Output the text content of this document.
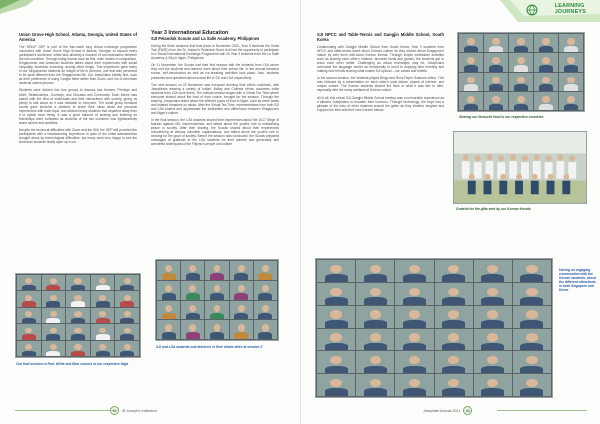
Union Grove High School, Atlanta, Georgia, United States of America

The SEeLP GEP is part of the four-week long virtual exchange programme conducted with Union Grove High School in Atlanta, Georgia, to expand every participant's worldview, whilst also allowing a channel of communication between the two countries. Through using forums such as this, main modes of comparison, Singaporean and American students talked about their experiences with social inequality, American schooling, among other things. This experience gave many of our Singaporean students an insight of life in America, one that was perceived to be quite different from the Singaporean life. Our Josephians initially find, such as their preference of using Google Meet rather than Zoom, and not of American students owned phones.

Students were divided into four groups to discuss four themes: Privilege and Merit, Relationships, Journeys, and Outcasts and Conformity. Each theme was paired with the idea of individuals and their interactions with society, giving us plenty to talk about as it was relatable to everyone. The small group breakout rooms gave students a platform to share their ideas about the personal experiences with each topic, and allowed many students that departed away from it to speak more freely. It was a good balance of sharing and listening as friendships were cultivated as students of the two countries now lightheartedly share stories and activities.

Despite the technical difficulties with Zoom and the Wifi, the GEP still provided the participants with a heartwarming experience in spite of the initial awkwardness brought about by technological difficulties, but many went very happy to see the American students finally open up to us.

Year 3 International Education
SJI Pelandok Scouts and La Salle Academy, Philippines

During the three sessions that took place in November 2021, Year 3 students the Scots Tsai (P&SE) from the St. Joseph's Pelandok Scout Unit had the opportunity to participate in a Virtual International Exchange Programme with 20 Year 3 students from the La Salle Academy (LSA) in Iligan, Philippines.

On 11 November, the Scouts had their first session with the students from LSA where they met the students and learned more about their school life. In the annual breakout rooms, self-introduction as well as ice-breaking activities took place. Also, students presented and questions about school life in SJI and LSA respectively.

The next session on 22 November saw everyone donning their ethnic costumes, with Josephians wearing a variety of Indian, Malay and Chinese ethnic costumes while students from LSA wore theirs. The cultural session began with a Virtual Tea Time where everyone shared about the food of their choice, brought for the session. Through the sharing, Josephians learnt about the different types of food in Iligan, such as week bowls and toasted tomatoes on sticks. After the Virtual Tea Time, representatives from both SJI and LSA shared and appreciated the similarities and differences between Singapore's and Iligan's culture.

In the final session, the LSA students shared their experiences about the 2017 Siege of Marawi against ISIL insurrectionists, and talked about the youths' role in maintaining peace in society. After their sharing, the Scouts shared about their experiences volunteering at various volunteer organisations, and talked about the youth's role in working for the good of society. Before the session was concluded, the Scouts prepared messages of gratitude to the LSA students for their warmth and generosity and wonderful sharing about the Filipino's people and culture.

Our final session in Red, White and Blue colours of our respective flags
SJI and LSA students and teachers in their ethnic attire at session 2
60	St Joseph's Institution
LEARNING
JOURNEYS
SJI NPCC and Table-Tennis and Gangjin Middle School, South Korea

Collaborating with Gangjin Middle School from South Korea, Year 3 students from NPCC and table-tennis learnt about Korea's culture as they shared about Singapore's nature by with them well-loved Korean friends. Through simple icebreaker activities such as sharing each other's hobbies, favourite foods and games, the students got to know each other better. Challenging as virtual exchanges may be, Josephians overcame the language barrier as emotionally to bond to enjoying time meeting and making new friends sharing what makes SJI special – our values and beliefs.

In the second session, the students played Bingo and Rock Paper Scissors online. This was followed by a presentation on each other's local dishes, places of interest, and unique culture. The Korean students shared the lives of what it was like to offer, especially with the many artefacts at Korean culture.

All in all, this virtual SJI-Gangjin Middle School meetup was a memorable experience as it allowed Josephians to broaden their horizons. Through technology, the boys had a glimpse of the lives of other students around the globe as they chatted, laughed and enjoyed the time with their new Korean friends.

Sharing our favourite food in our respective countries
Grateful for the gifts sent by our Korean friends
Having an engaging conversation with the Korean students, about the different attractions in both Singapore and Korea
Josephian Annual 2021	61
